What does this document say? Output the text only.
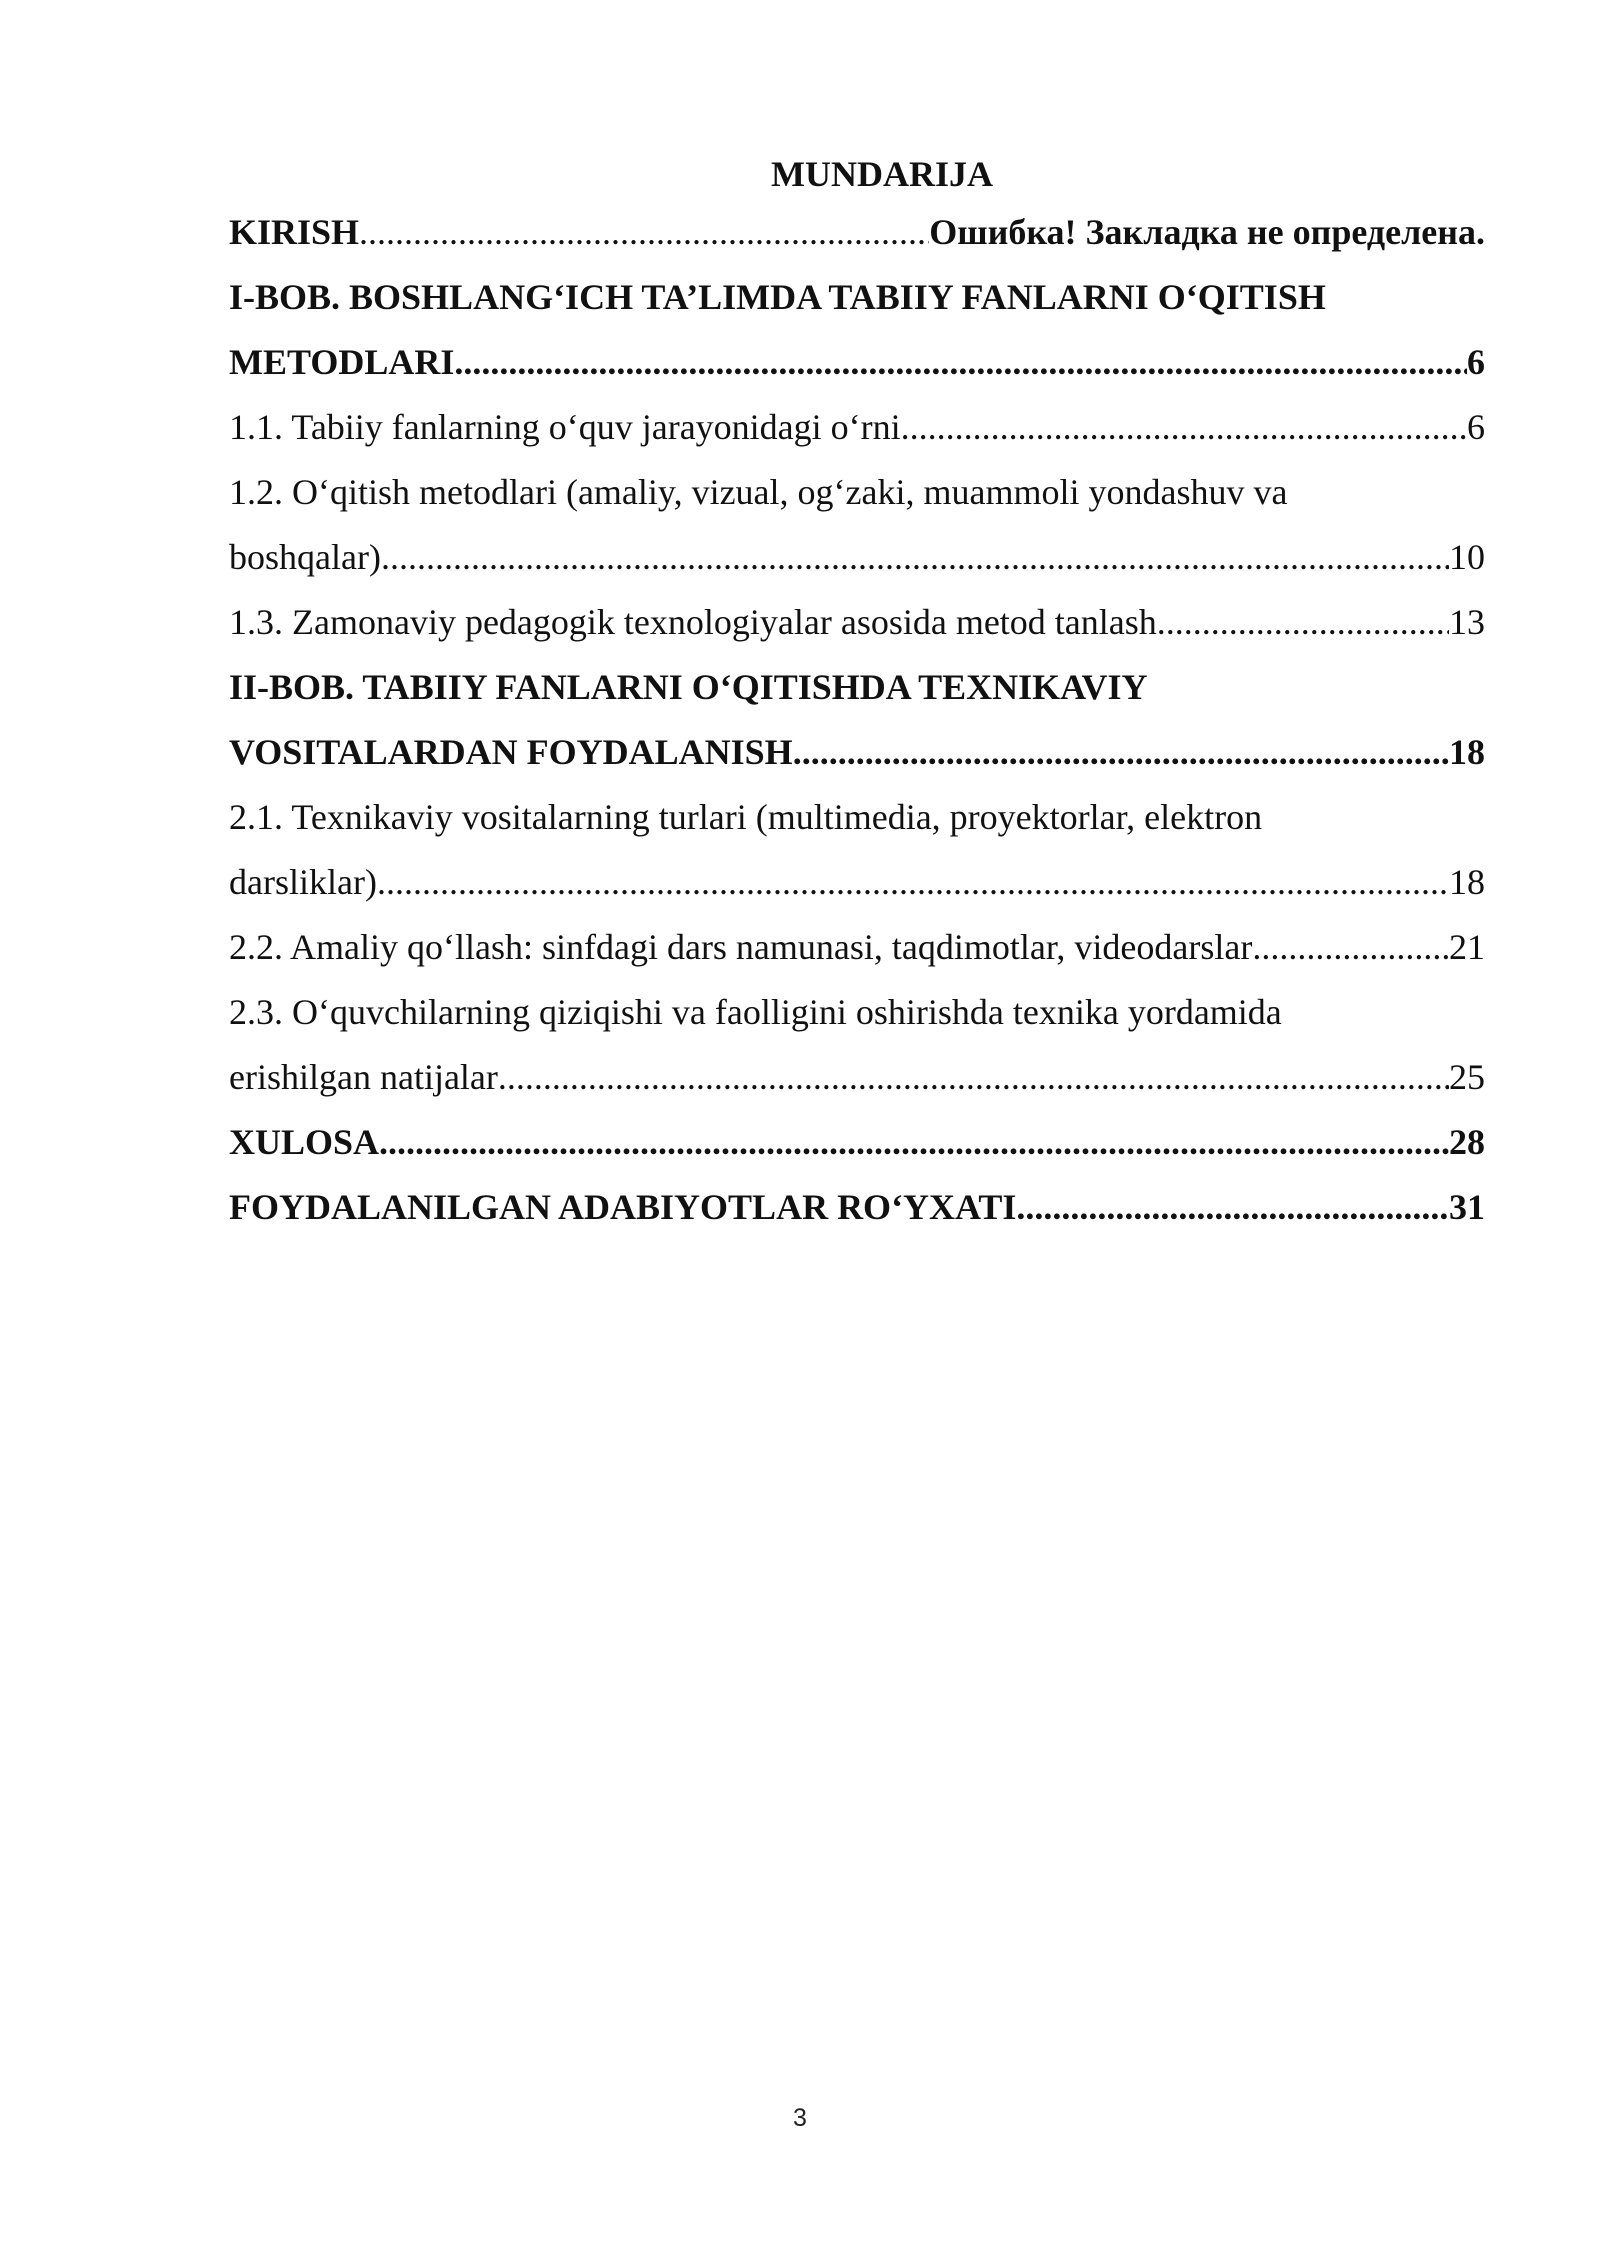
MUNDARIJA
KIRISH .....	Ошибка! Закладка не определена.
I-BOB. BOSHLANG‘ICH TA’LIMDA TABIIY FANLARNI O‘QITISH
METODLARI .....	6
1.1. Tabiiy fanlarning o‘quv jarayonidagi o‘rni .....	6
1.2. O‘qitish metodlari (amaliy, vizual, og‘zaki, muammoli yondashuv va
boshqalar) .....	10
1.3. Zamonaviy pedagogik texnologiyalar asosida metod tanlash .....	13
II-BOB. TABIIY FANLARNI O‘QITISHDA TEXNIKAVIY
VOSITALARDAN FOYDALANISH .....	18
2.1. Texnikaviy vositalarning turlari (multimedia, proyektorlar, elektron
darsliklar) .....	18
2.2. Amaliy qo‘llash: sinfdagi dars namunasi, taqdimotlar, videodarslar .....	21
2.3. O‘quvchilarning qiziqishi va faolligini oshirishda texnika yordamida
erishilgan natijalar .....	25
XULOSA .....	28
FOYDALANILGAN ADABIYOTLAR RO‘YXATI .....	31
3
